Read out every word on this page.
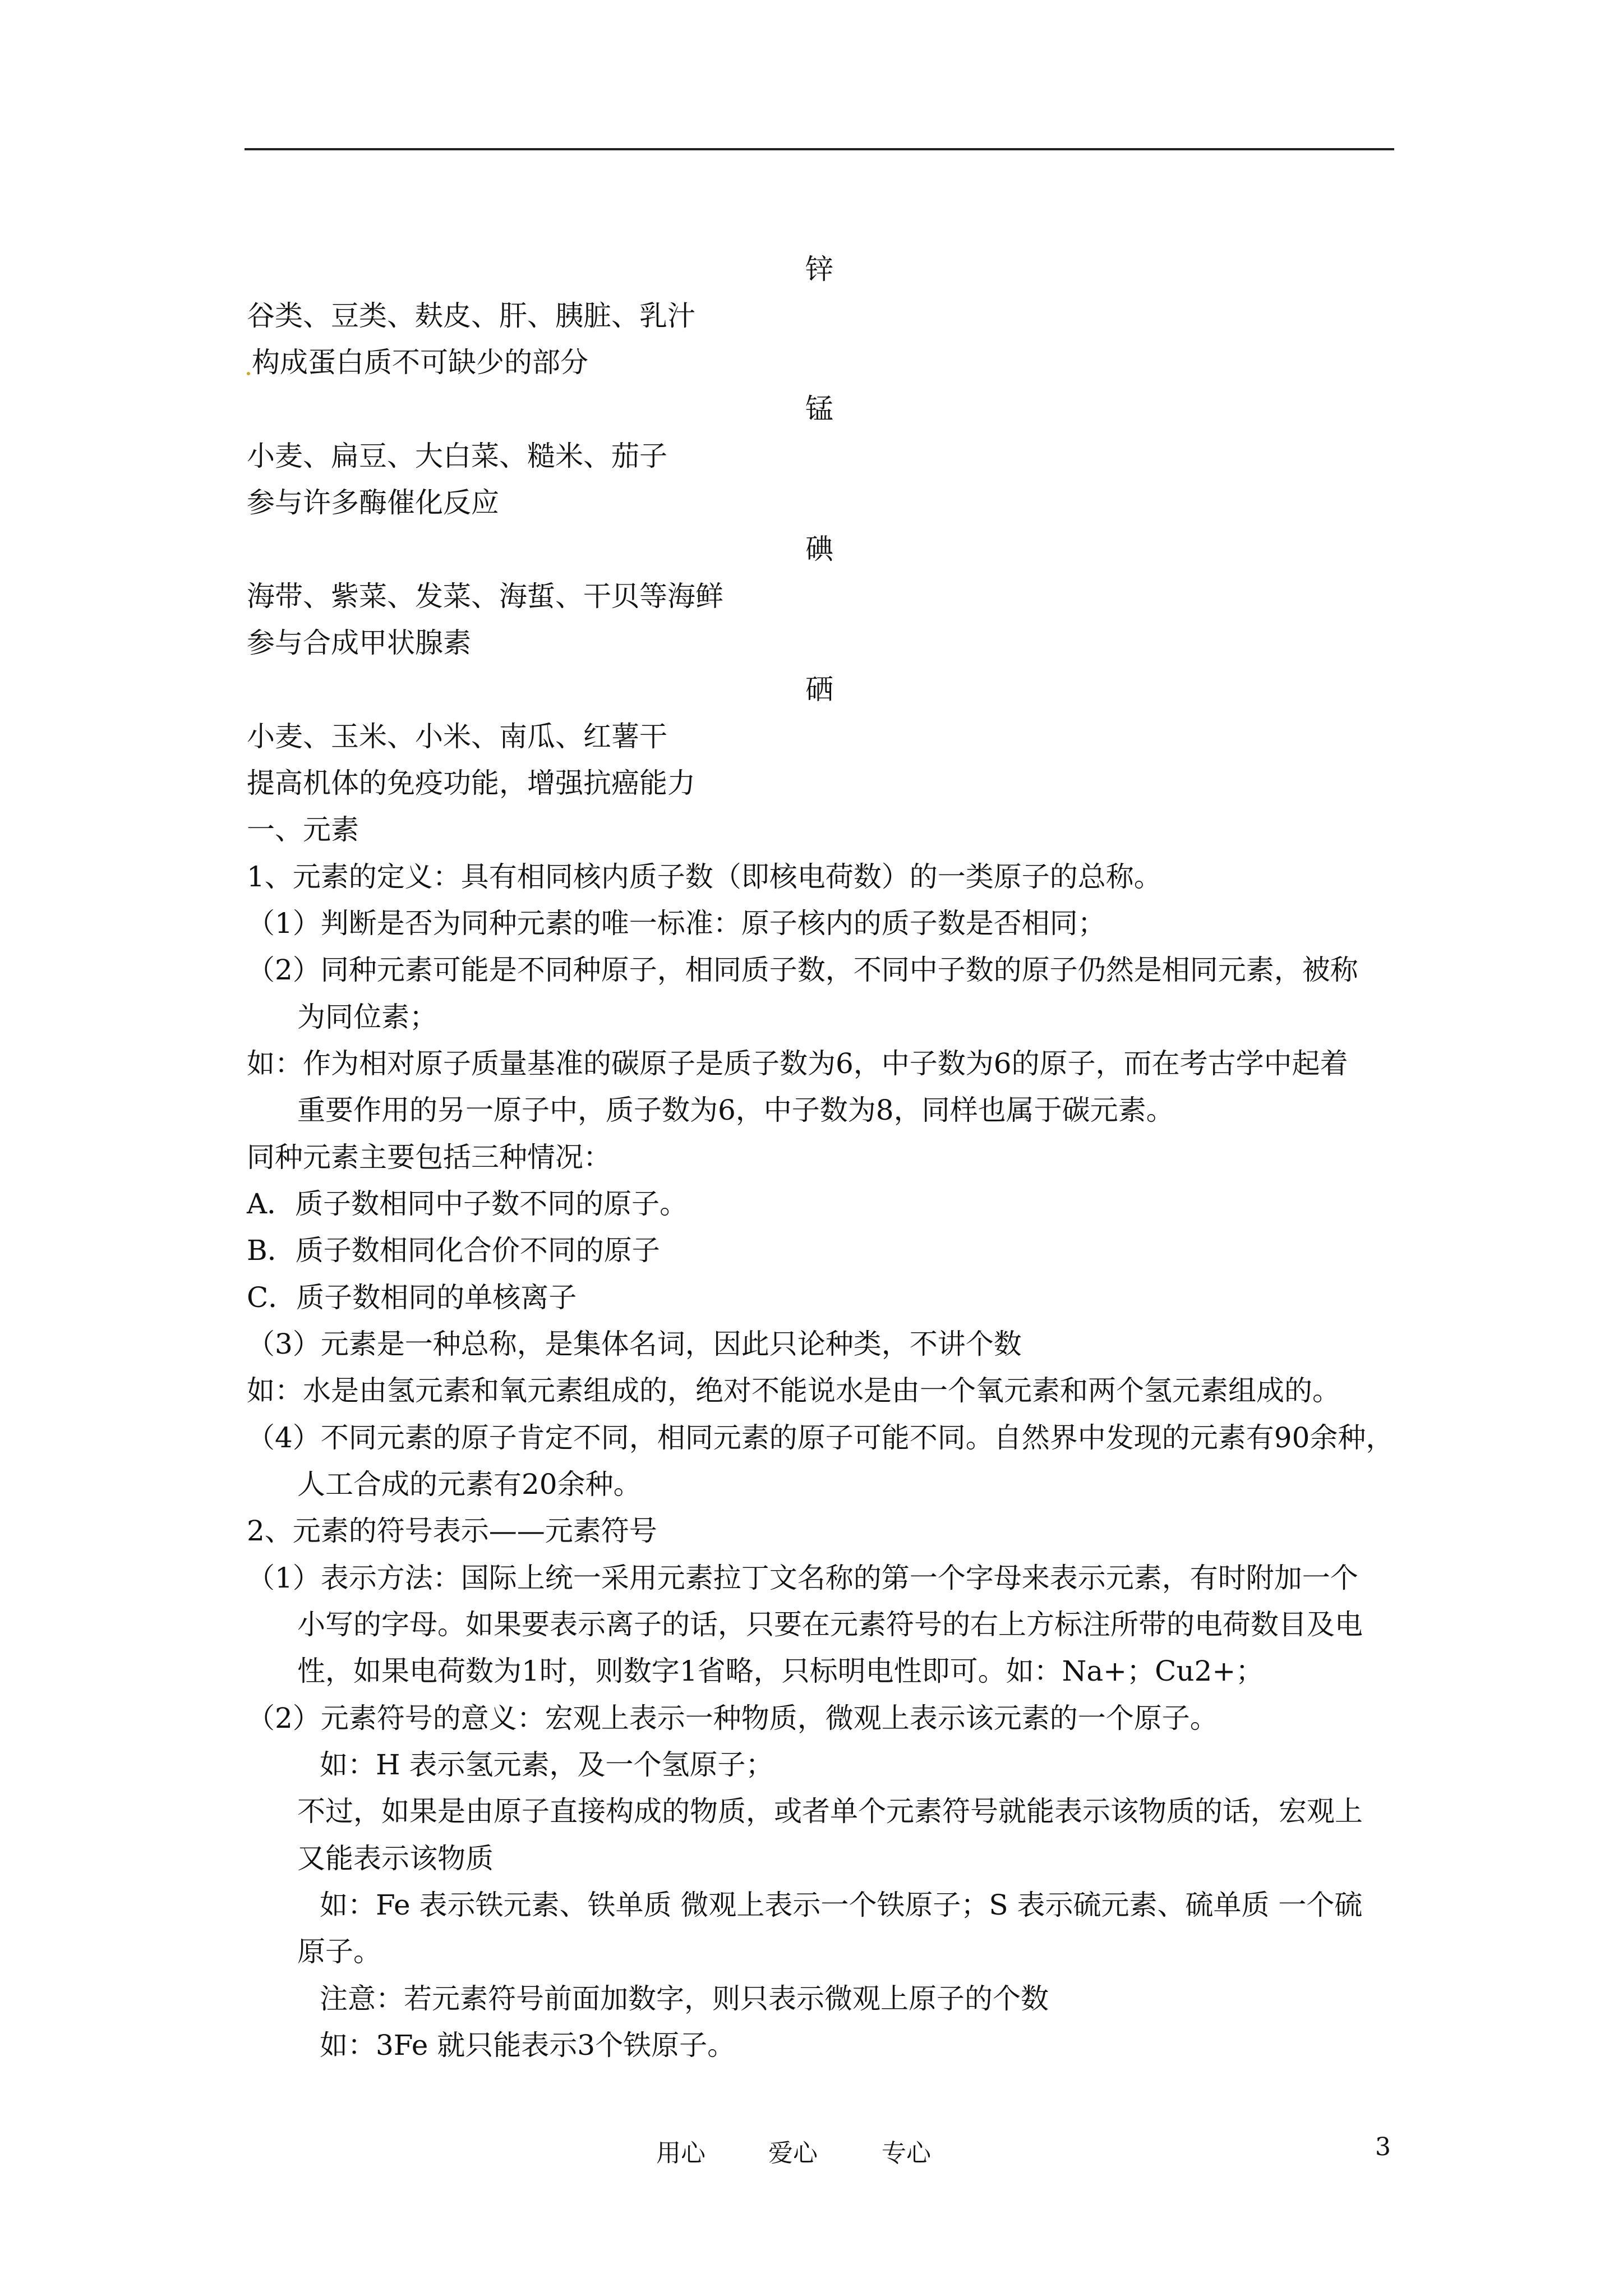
锌
谷类、豆类、麸皮、肝、胰脏、乳汁
构成蛋白质不可缺少的部分
锰
小麦、扁豆、大白菜、糙米、茄子
参与许多酶催化反应
碘
海带、紫菜、发菜、海蜇、干贝等海鲜
参与合成甲状腺素
硒
小麦、玉米、小米、南瓜、红薯干
提高机体的免疫功能，增强抗癌能力
一、元素
1、元素的定义：具有相同核内质子数（即核电荷数）的一类原子的总称。
（1）判断是否为同种元素的唯一标准：原子核内的质子数是否相同；
（2）同种元素可能是不同种原子，相同质子数，不同中子数的原子仍然是相同元素，被称
为同位素；
如：作为相对原子质量基准的碳原子是质子数为6，中子数为6的原子，而在考古学中起着
重要作用的另一原子中，质子数为6，中子数为8，同样也属于碳元素。
同种元素主要包括三种情况：
A．质子数相同中子数不同的原子。
B．质子数相同化合价不同的原子
C．质子数相同的单核离子
（3）元素是一种总称，是集体名词，因此只论种类，不讲个数
如：水是由氢元素和氧元素组成的，绝对不能说水是由一个氧元素和两个氢元素组成的。
（4）不同元素的原子肯定不同，相同元素的原子可能不同。自然界中发现的元素有90余种，
人工合成的元素有20余种。
2、元素的符号表示——元素符号
（1）表示方法：国际上统一采用元素拉丁文名称的第一个字母来表示元素，有时附加一个
小写的字母。如果要表示离子的话，只要在元素符号的右上方标注所带的电荷数目及电
性，如果电荷数为1时，则数字1省略，只标明电性即可。如：Na+；Cu2+；
（2）元素符号的意义：宏观上表示一种物质，微观上表示该元素的一个原子。
如：H 表示氢元素，及一个氢原子；
不过，如果是由原子直接构成的物质，或者单个元素符号就能表示该物质的话，宏观上
又能表示该物质
如：Fe 表示铁元素、铁单质 微观上表示一个铁原子；S 表示硫元素、硫单质 一个硫
原子。
注意：若元素符号前面加数字，则只表示微观上原子的个数
如：3Fe 就只能表示3个铁原子。
用心	爱心	专心	3
